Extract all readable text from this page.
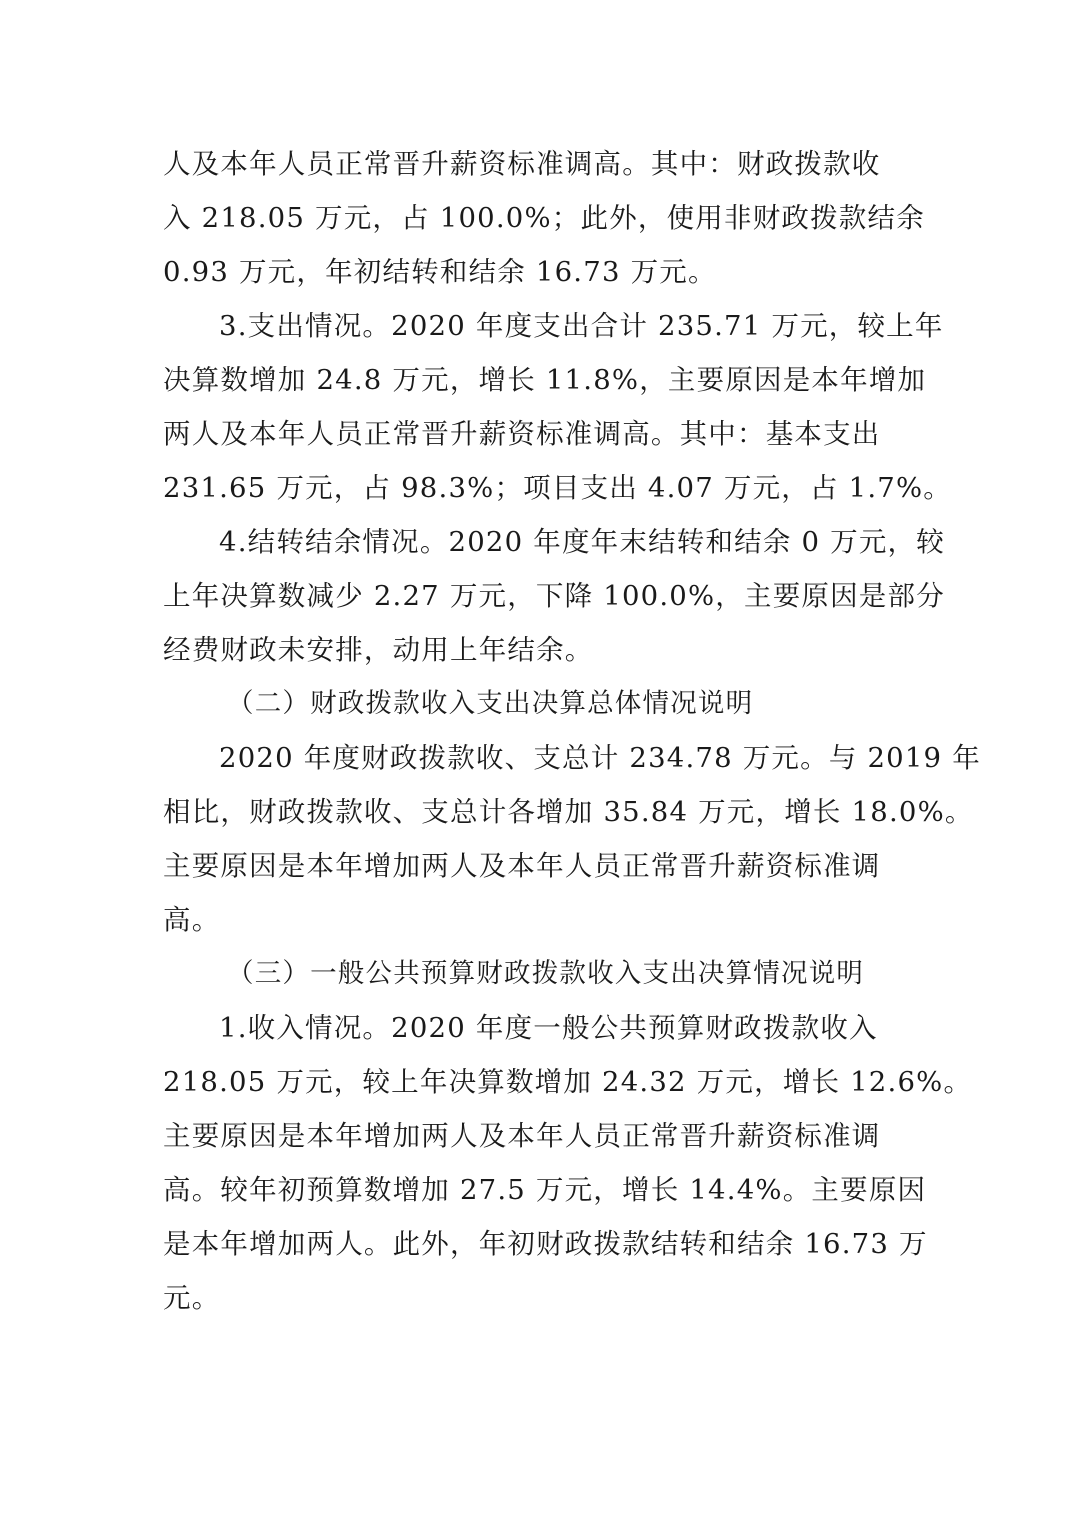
人及本年人员正常晋升薪资标准调高。其中：财政拨款收
入 218.05 万元，占 100.0%；此外，使用非财政拨款结余
0.93 万元，年初结转和结余 16.73 万元。
3.支出情况。2020 年度支出合计 235.71 万元，较上年
决算数增加 24.8 万元，增长 11.8%，主要原因是本年增加
两人及本年人员正常晋升薪资标准调高。其中：基本支出
231.65 万元，占 98.3%；项目支出 4.07 万元，占 1.7%。
4.结转结余情况。2020 年度年末结转和结余 0 万元，较
上年决算数减少 2.27 万元，下降 100.0%，主要原因是部分
经费财政未安排，动用上年结余。
（二）财政拨款收入支出决算总体情况说明
2020 年度财政拨款收、支总计 234.78 万元。与 2019 年
相比，财政拨款收、支总计各增加 35.84 万元，增长 18.0%。
主要原因是本年增加两人及本年人员正常晋升薪资标准调
高。
（三）一般公共预算财政拨款收入支出决算情况说明
1.收入情况。2020 年度一般公共预算财政拨款收入
218.05 万元，较上年决算数增加 24.32 万元，增长 12.6%。
主要原因是本年增加两人及本年人员正常晋升薪资标准调
高。较年初预算数增加 27.5 万元，增长 14.4%。主要原因
是本年增加两人。此外，年初财政拨款结转和结余 16.73 万
元。
